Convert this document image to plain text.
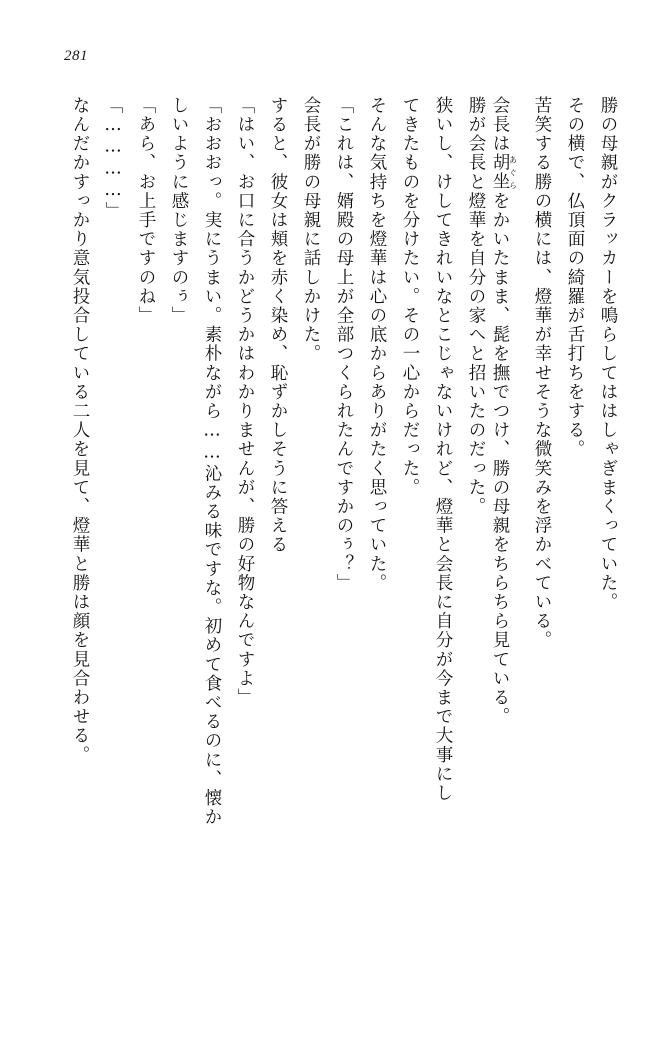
281
勝の母親がクラッカーを鳴らしてははしゃぎまくっていた。
その横で、仏頂面の綺羅が舌打ちをする。
苦笑する勝の横には、燈華が幸せそうな微笑みを浮かべている。
会長は胡坐あぐらをかいたまま、髭を撫でつけ、勝の母親をちらちら見ている。
勝が会長と燈華を自分の家へと招いたのだった。
狭いし、けしてきれいなとこじゃないけれど、燈華と会長に自分が今まで大事にし
てきたものを分けたい。その一心からだった。
そんな気持ちを燈華は心の底からありがたく思っていた。
「これは、婿殿の母上が全部つくられたんですかのぅ？」
会長が勝の母親に話しかけた。
すると、彼女は頬を赤く染め、恥ずかしそうに答える
「はい、お口に合うかどうかはわかりませんが、勝の好物なんですよ」
「おおおっ。実にうまい。素朴ながら……沁みる味ですな。初めて食べるのに、懐か
しいように感じますのぅ」
「あら、お上手ですのね」
「…………」
なんだかすっかり意気投合している二人を見て、燈華と勝は顔を見合わせる。
